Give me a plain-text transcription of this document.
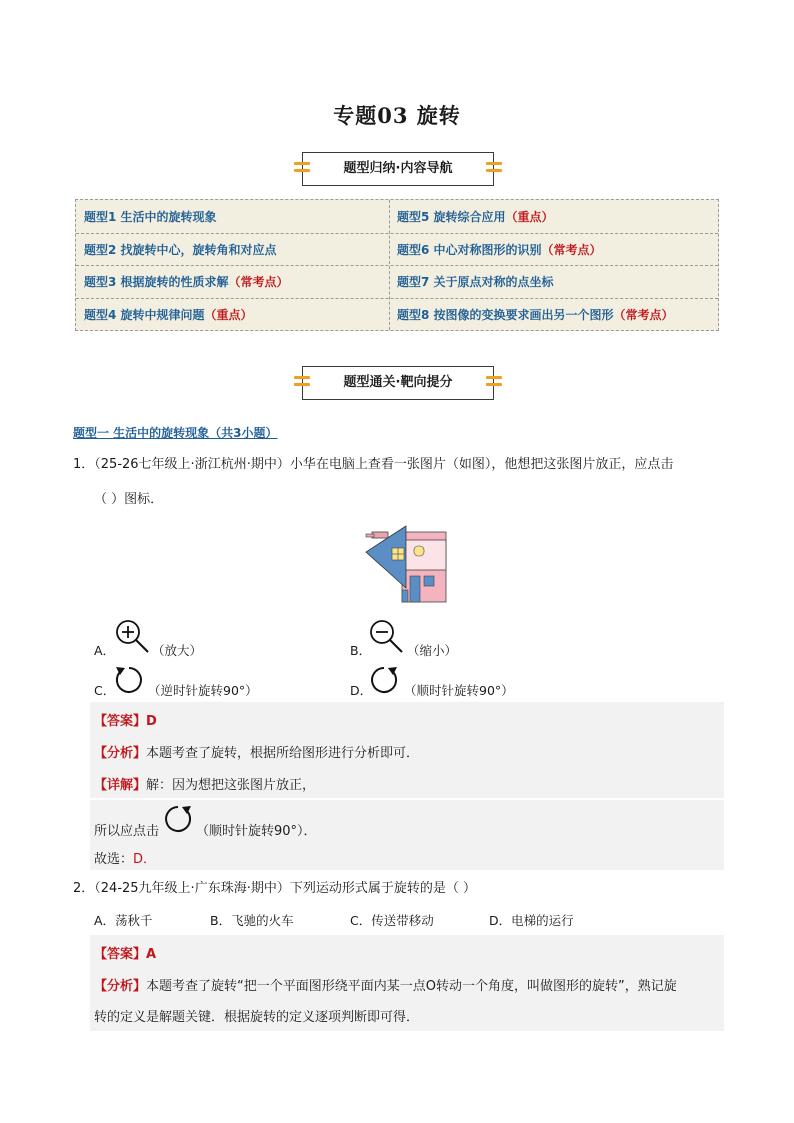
专题03 旋转
题型归纳·内容导航
题型1 生活中的旋转现象	题型5 旋转综合应用（重点）
题型2 找旋转中心，旋转角和对应点	题型6 中心对称图形的识别（常考点）
题型3 根据旋转的性质求解（常考点）	题型7 关于原点对称的点坐标
题型4 旋转中规律问题（重点）	题型8 按图像的变换要求画出另一个图形（常考点）
题型通关·靶向提分
题型一 生活中的旋转现象（共3小题）
1．（25-26七年级上·浙江杭州·期中）小华在电脑上查看一张图片（如图），他想把这张图片放正，应点击
（ ）图标．
A．	（放大）	B．	（缩小）
C．	（逆时针旋转90°）	D．	（顺时针旋转90°）
【答案】D
【分析】本题考查了旋转，根据所给图形进行分析即可．
【详解】解：因为想把这张图片放正，
所以应点击	（顺时针旋转90°）．
故选：D．
2．（24-25九年级上·广东珠海·期中）下列运动形式属于旋转的是（ ）
A．荡秋千	B．飞驰的火车	C．传送带移动	D．电梯的运行
【答案】A
【分析】本题考查了旋转“把一个平面图形绕平面内某一点O转动一个角度，叫做图形的旋转”，熟记旋
转的定义是解题关键．根据旋转的定义逐项判断即可得．
